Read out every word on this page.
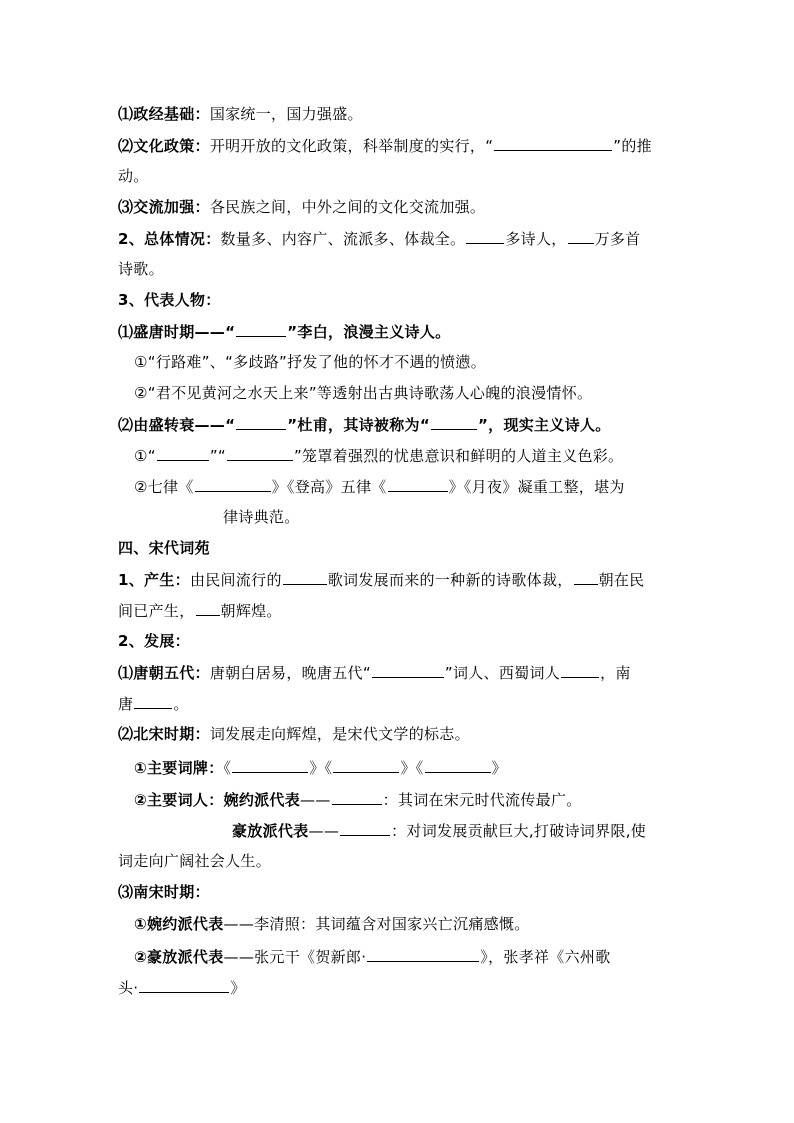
⑴政经基础：国家统一，国力强盛。
⑵文化政策：开明开放的文化政策，科举制度的实行，“	”的推
动。
⑶交流加强：各民族之间，中外之间的文化交流加强。
2、总体情况：数量多、内容广、流派多、体裁全。	多诗人， 万多首
诗歌。
3、代表人物：
⑴盛唐时期——“	”李白，浪漫主义诗人。
①“行路难”、“多歧路”抒发了他的怀才不遇的愤懑。
②“君不见黄河之水天上来”等透射出古典诗歌荡人心魄的浪漫情怀。
⑵由盛转衰——“	”杜甫，其诗被称为“	”，现实主义诗人。
①“	”“	”笼罩着强烈的忧患意识和鲜明的人道主义色彩。
②七律《	》《登高》五律《	》《月夜》凝重工整，堪为
律诗典范。
四、宋代词苑
1、产生：由民间流行的	歌词发展而来的一种新的诗歌体裁， 朝在民
间已产生， 朝辉煌。
2、发展：
⑴唐朝五代：唐朝白居易，晚唐五代“	”词人、西蜀词人	，南
唐	。
⑵北宋时期：词发展走向辉煌，是宋代文学的标志。
①主要词牌：《	》《	》《	》
②主要词人：婉约派代表——	：其词在宋元时代流传最广。
豪放派代表——	：对词发展贡献巨大,打破诗词界限,使
词走向广阔社会人生。
⑶南宋时期：
①婉约派代表——李清照：其词蕴含对国家兴亡沉痛感慨。
②豪放派代表——张元干《贺新郎·	》，张孝祥《六州歌
头·	》
